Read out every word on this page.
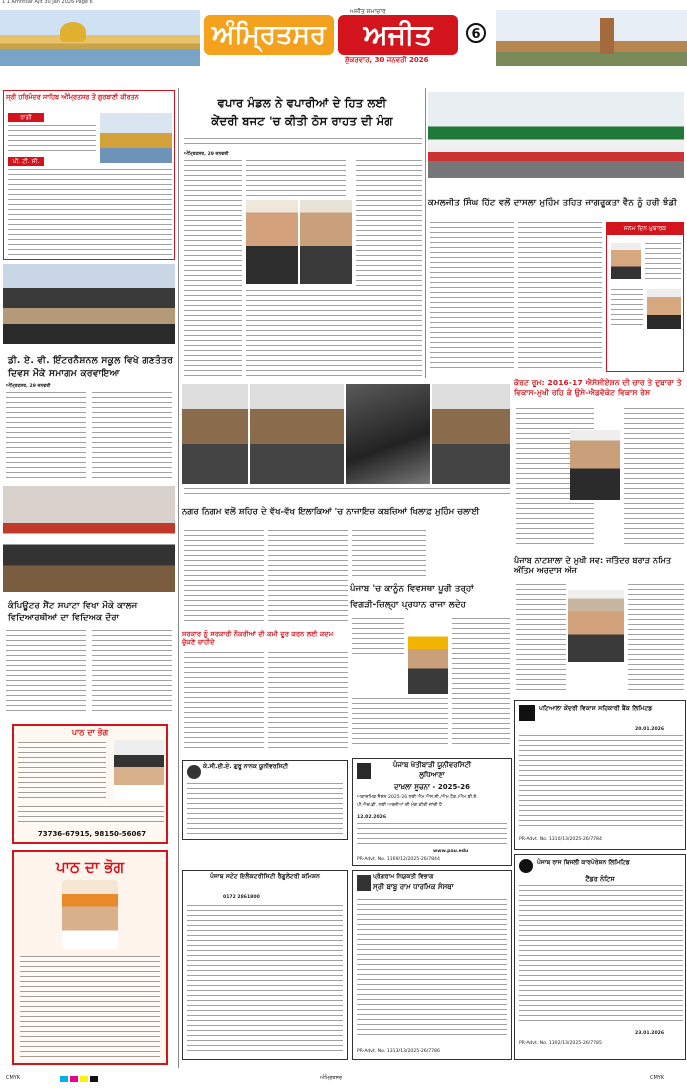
1 1 Amritsar Ajit 30 Jan 2026 Page 6
ਅੰਮ੍ਰਿਤਸਰ	ਅਜੀਤ
ਅਜੀਤ ਸਮਾਚਾਰ
ਸ਼ੁੱਕਰਵਾਰ, 30 ਜਨਵਰੀ 2026
6
ਸ੍ਰੀ ਹਰਿਮੰਦਰ ਸਾਹਿਬ ਅੰਮ੍ਰਿਤਸਰ ਤੋਂ ਗੁਰਬਾਣੀ ਕੀਰਤਨ
ਰਾਗੀ
ਪੀ. ਟੀ. ਸੀ.
ਡੀ. ਏ. ਵੀ. ਇੰਟਰਨੈਸ਼ਨਲ ਸਕੂਲ ਵਿਖੇ ਗਣਤੰਤਰ ਦਿਵਸ ਮੌਕੇ ਸਮਾਗਮ ਕਰਵਾਇਆ
ਅੰਮ੍ਰਿਤਸਰ, 29 ਜਨਵਰੀ
ਕੰਪਿਊਟਰ ਸੈਂਟ ਸਪਾਟਾ ਵਿਖਾ ਮੌਕੇ ਕਾਲਜ ਵਿਦਿਆਰਥੀਆਂ ਦਾ ਵਿਦਿਅਕ ਦੌਰਾ
ਪਾਠ ਦਾ ਭੋਗ
73736-67915, 98150-56067
ਪਾਠ ਦਾ ਭੋਗ
ਵਪਾਰ ਮੰਡਲ ਨੇ ਵਪਾਰੀਆਂ ਦੇ ਹਿਤ ਲਈ
ਕੇਂਦਰੀ ਬਜਟ 'ਚ ਕੀਤੀ ਠੋਸ ਰਾਹਤ ਦੀ ਮੰਗ
ਅੰਮ੍ਰਿਤਸਰ, 29 ਜਨਵਰੀ
ਕਮਲਜੀਤ ਸਿੰਘ ਹਿੱਟ ਵਲੋਂ ਦਾਸਲਾ ਮੁਹਿੰਮ ਤਹਿਤ ਜਾਗਰੂਕਤਾ ਵੈਨ ਨੂੰ ਹਰੀ ਝੰਡੀ
ਜਨਮ ਦਿਨ ਮੁਬਾਰਕ
ਨਗਰ ਨਿਗਮ ਵਲੋਂ ਸ਼ਹਿਰ ਦੇ ਵੱਖ-ਵੱਖ ਇਲਾਕਿਆਂ 'ਚ ਨਾਜਾਇਜ਼ ਕਬਜ਼ਿਆਂ ਖਿਲਾਫ਼ ਮੁਹਿੰਮ ਚਲਾਈ
ਕੋਰਟ ਰੂਮ: 2016-17 ਐਸੋਸੀਏਸ਼ਨ ਦੀ ਚਾਰ ਤੇ ਦੁਬਾਰਾ ਤੇ ਵਿਕਾਸ-ਮੁਖੀ ਰਹਿ ਕੇ ਉਸੇ-ਐਡਵੋਕੇਟ ਵਿਕਾਸ ਰੇਸ
ਪੰਜਾਬ 'ਚ ਕਾਨੂੰਨ ਵਿਵਸਥਾ ਪੂਰੀ ਤਰ੍ਹਾਂ
ਵਿਗੜੀ-ਜ਼ਿਲ੍ਹਾ ਪ੍ਰਧਾਨ ਰਾਜਾ ਲਦੇਹ
ਪੰਜਾਬ ਨਾਟਸ਼ਾਲਾ ਦੇ ਮੁਖੀ ਸਵ: ਜਤਿੰਦਰ ਬਰਾੜ ਨਮਿਤ ਅੰਤਿਮ ਅਰਦਾਸ ਅੱਜ
ਸਰਕਾਰ ਨੂੰ ਸਰਕਾਰੀ ਨੌਕਰੀਆਂ ਦੀ ਕਮੀ ਦੂਰ ਕਰਨ ਲਈ ਕਦਮ ਚੁੱਕਣੇ ਚਾਹੀਦੇ
ਕੇ.ਸੀ.ਈ.ਏ. ਗੁਰੂ ਨਾਨਕ ਯੂਨੀਵਰਸਿਟੀ	ਪੰਜਾਬ ਖੇਤੀਬਾੜੀ ਯੂਨੀਵਰਸਿਟੀ
ਲੁਧਿਆਣਾ
ਦਾਖ਼ਲਾ ਸੂਚਨਾ - 2025-26
ਅਕਾਦਮਿਕ ਸੈਸ਼ਨ 2025-26 ਲਈ ਐਮ.ਐਸ.ਸੀ./ਐਮ.ਟੈਕ./ਐਮ.ਬੀ.ਏ.
ਪੀ.ਐਚ.ਡੀ. ਲਈ ਅਰਜ਼ੀਆਂ ਦੀ ਮੰਗ ਕੀਤੀ ਜਾਂਦੀ ਹੈ
12.02.2026
www.pau.edu
PR-Advt. No. 1169/12/2025-26/7844
ਪੰਜਾਬ ਸਟੇਟ ਇਲੈਕਟਰੀਸਿਟੀ ਰੈਗੂਲੇਟਰੀ ਕਮਿਸ਼ਨ
0172 2861800
ਪ੍ਰੋਗਰਾਮ ਨਿਯੁਕਤੀ ਵਿਭਾਗ
ਸ੍ਰੀ ਬਾਬੂ ਰਾਮ ਧਾਰਮਿਕ ਸੰਸਥਾ
PR-Advt. No. 1313/13/2025-26/7786
ਪਟਿਆਲਾ ਕੇਂਦਰੀ ਵਿਕਾਸ ਸਹਿਕਾਰੀ ਬੈਂਕ ਲਿਮਿਟਡ
20.01.2026
PR-Advt. No. 1310/13/2025-26/7784
ਪੰਜਾਬ ਰਾਜ ਬਿਜਲੀ ਕਾਰਪੋਰੇਸ਼ਨ ਲਿਮਿਟਿਡ
ਟੈਂਡਰ ਨੋਟਿਸ
23.01.2026
PR-Advt. No. 1302/13/2025-26/7785
CMYK	ਅੰਮ੍ਰਿਤਸਰ	CMYK
